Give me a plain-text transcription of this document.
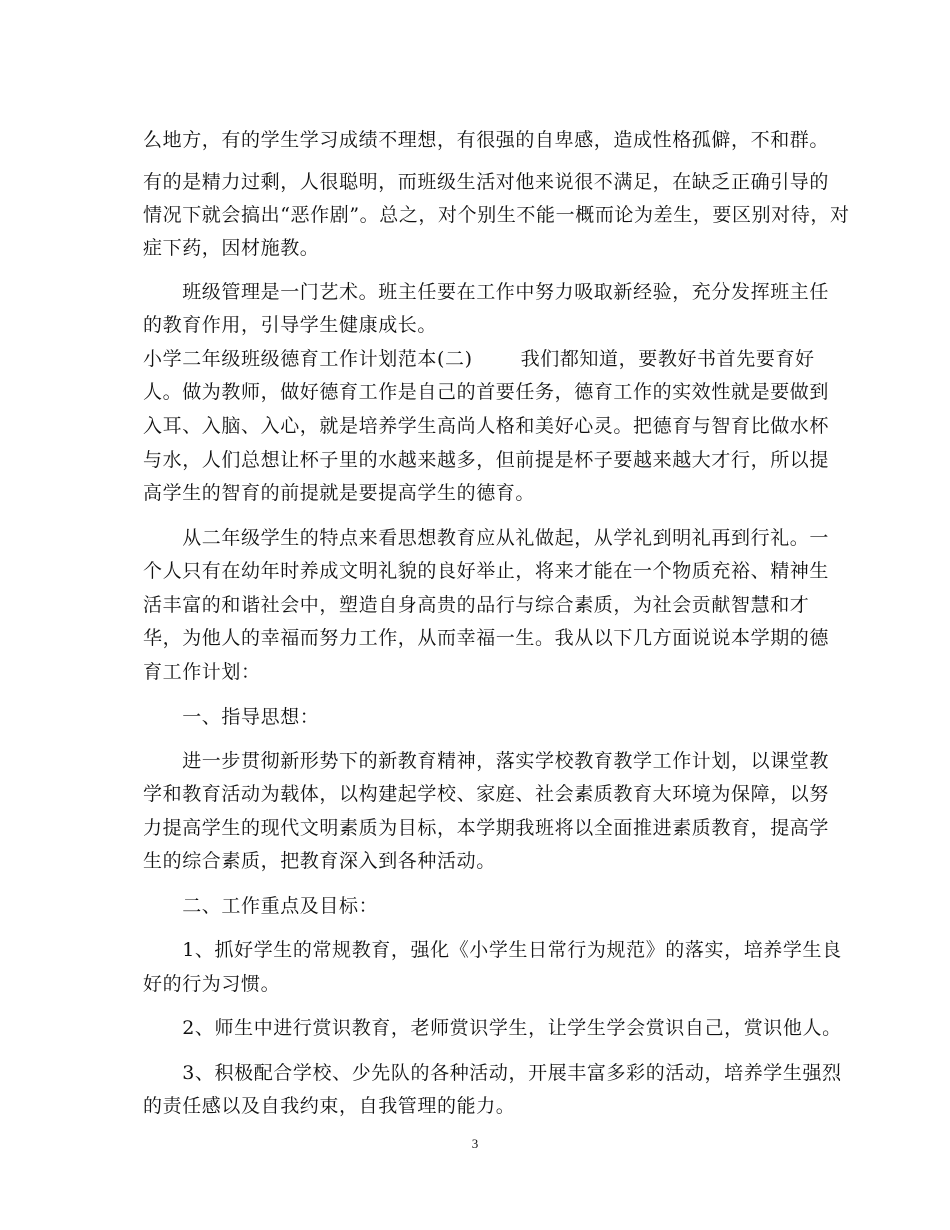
么地方，有的学生学习成绩不理想，有很强的自卑感，造成性格孤僻，不和群。
有的是精力过剩，人很聪明，而班级生活对他来说很不满足，在缺乏正确引导的
情况下就会搞出“恶作剧”。总之，对个别生不能一概而论为差生，要区别对待，对
症下药，因材施教。
　　班级管理是一门艺术。班主任要在工作中努力吸取新经验，充分发挥班主任
的教育作用，引导学生健康成长。
小学二年级班级德育工作计划范本(二)	我们都知道，要教好书首先要育好
人。做为教师，做好德育工作是自己的首要任务，德育工作的实效性就是要做到
入耳、入脑、入心，就是培养学生高尚人格和美好心灵。把德育与智育比做水杯
与水，人们总想让杯子里的水越来越多，但前提是杯子要越来越大才行，所以提
高学生的智育的前提就是要提高学生的德育。
　　从二年级学生的特点来看思想教育应从礼做起，从学礼到明礼再到行礼。一
个人只有在幼年时养成文明礼貌的良好举止，将来才能在一个物质充裕、精神生
活丰富的和谐社会中，塑造自身高贵的品行与综合素质，为社会贡献智慧和才
华，为他人的幸福而努力工作，从而幸福一生。我从以下几方面说说本学期的德
育工作计划：
　　一、指导思想：
　　进一步贯彻新形势下的新教育精神，落实学校教育教学工作计划，以课堂教
学和教育活动为载体，以构建起学校、家庭、社会素质教育大环境为保障，以努
力提高学生的现代文明素质为目标，本学期我班将以全面推进素质教育，提高学
生的综合素质，把教育深入到各种活动。
　　二、工作重点及目标：
　　1、抓好学生的常规教育，强化《小学生日常行为规范》的落实，培养学生良
好的行为习惯。
　　2、师生中进行赏识教育，老师赏识学生，让学生学会赏识自己，赏识他人。
　　3、积极配合学校、少先队的各种活动，开展丰富多彩的活动，培养学生强烈
的责任感以及自我约束，自我管理的能力。
3
